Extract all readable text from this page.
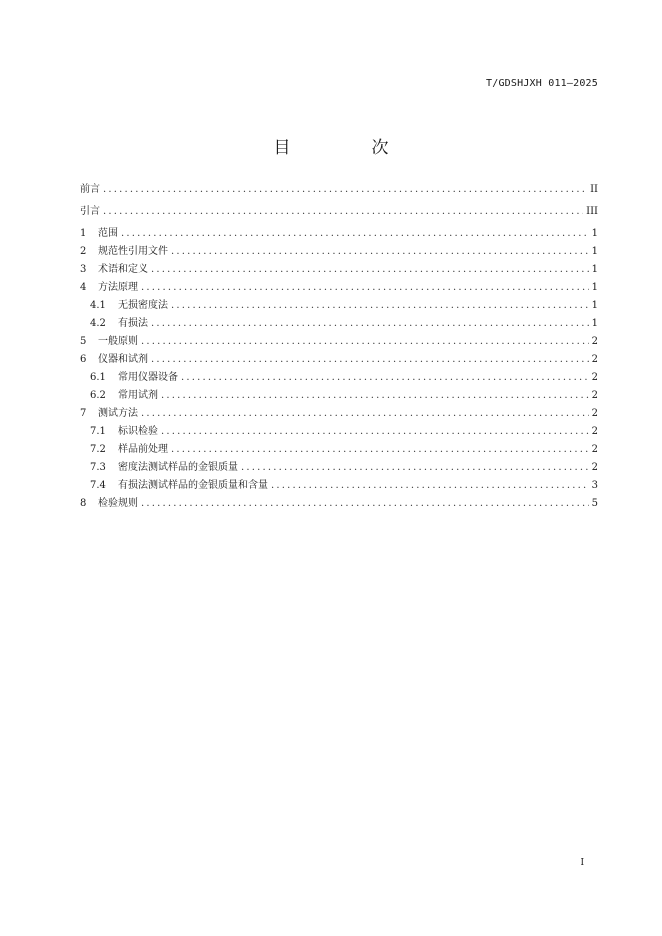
T/GDSHJXH 011—2025
目　次
前言 .....	II
引言 .....	III
1	范围 .....	1
2	规范性引用文件 .....	1
3	术语和定义 .....	1
4	方法原理 .....	1
4.1	无损密度法 .....	1
4.2	有损法 .....	1
5	一般原则 .....	2
6	仪器和试剂 .....	2
6.1	常用仪器设备 .....	2
6.2	常用试剂 .....	2
7	测试方法 .....	2
7.1	标识检验 .....	2
7.2	样品前处理 .....	2
7.3	密度法测试样品的金银质量 .....	2
7.4	有损法测试样品的金银质量和含量 .....	3
8	检验规则 .....	5
I
